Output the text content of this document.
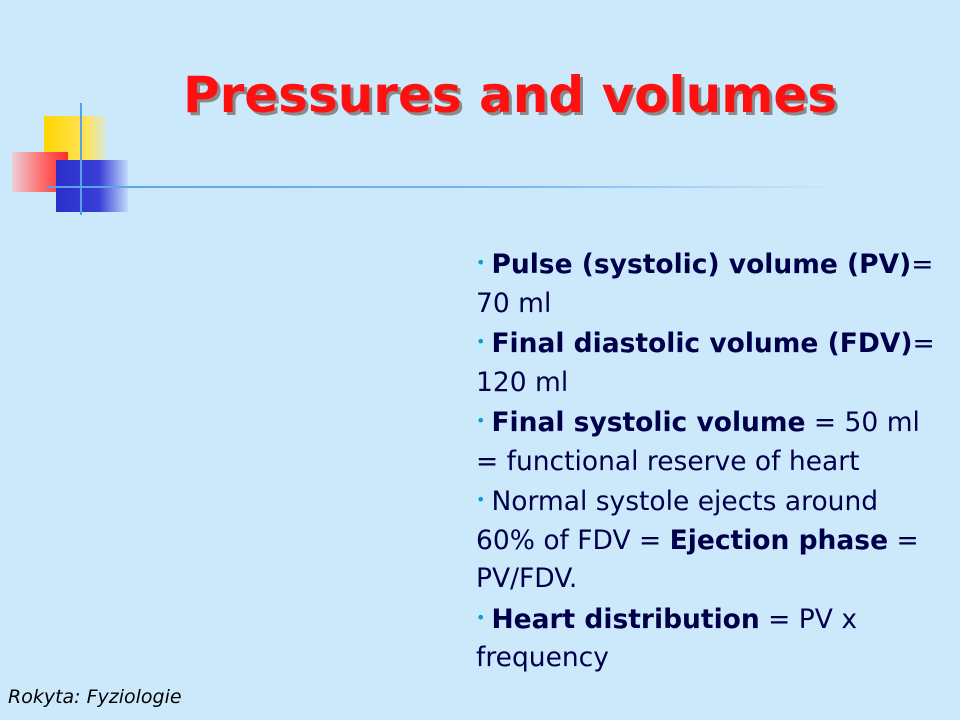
Pressures and volumes
• Pulse (systolic) volume (PV)= 70 ml
• Final diastolic volume (FDV)= 120 ml
• Final systolic volume = 50 ml = functional reserve of heart
• Normal systole ejects around 60% of FDV = Ejection phase = PV/FDV.
• Heart distribution = PV x frequency
Rokyta: Fyziologie
